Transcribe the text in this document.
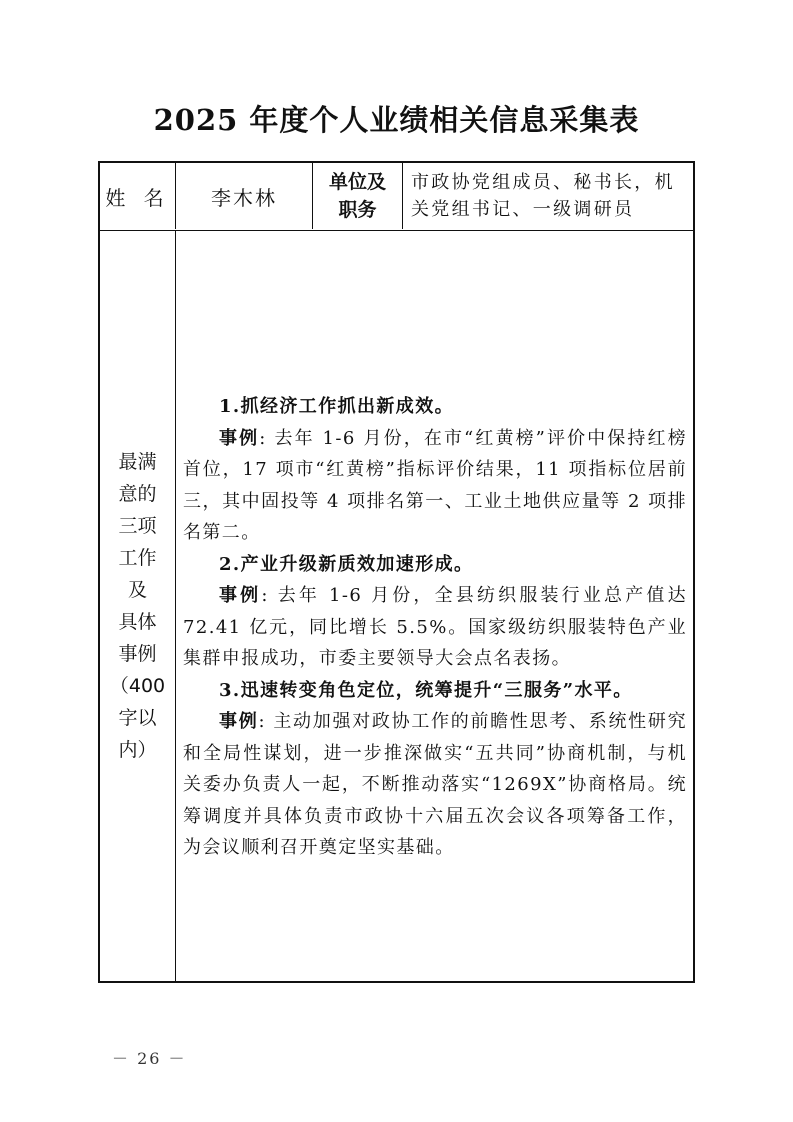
2025 年度个人业绩相关信息采集表
姓 名	李木林
单位及
职务
市政协党组成员、秘书长，机关党组书记、一级调研员
最满
意的
三项
工作
及
具体
事例
（400
字以
内）

1.抓经济工作抓出新成效。

事例: 去年 1-6 月份，在市“红黄榜”评价中保持红榜首位，17 项市“红黄榜”指标评价结果，11 项指标位居前三，其中固投等 4 项排名第一、工业土地供应量等 2 项排名第二。

2.产业升级新质效加速形成。

事例: 去年 1-6 月份，全县纺织服装行业总产值达 72.41 亿元，同比增长 5.5%。国家级纺织服装特色产业集群申报成功，市委主要领导大会点名表扬。

3.迅速转变角色定位，统筹提升“三服务”水平。

事例: 主动加强对政协工作的前瞻性思考、系统性研究和全局性谋划，进一步推深做实“五共同”协商机制，与机关委办负责人一起，不断推动落实“1269X”协商格局。统筹调度并具体负责市政协十六届五次会议各项筹备工作，为会议顺利召开奠定坚实基础。

－ 26 －
